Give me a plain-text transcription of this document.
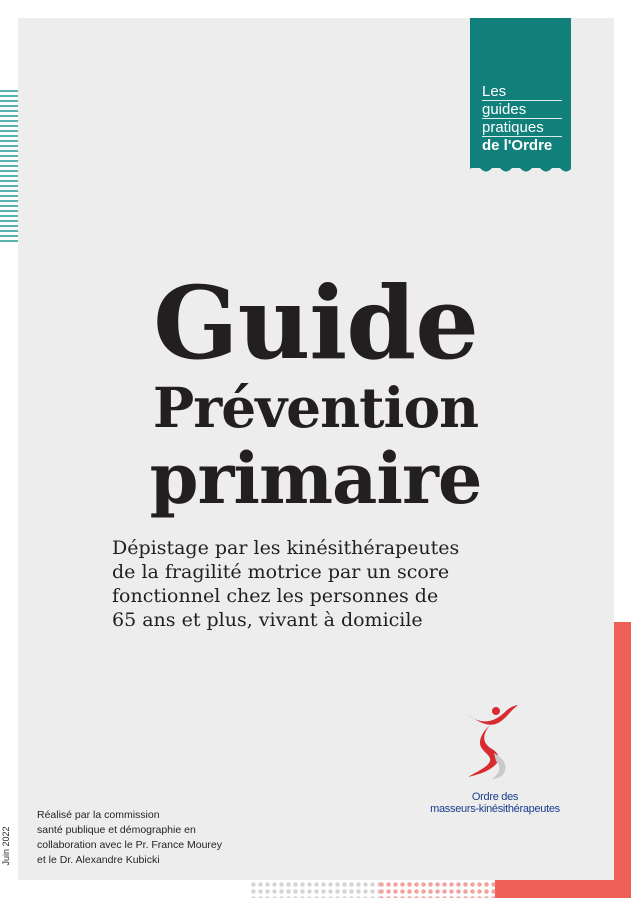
Les
guides
pratiques
de l'Ordre
Guide
Prévention
primaire

Dépistage par les kinésithérapeutes
de la fragilité motrice par un score
fonctionnel chez les personnes de
65 ans et plus, vivant à domicile

Ordre des
masseurs-kinésithérapeutes
Réalisé par la commission
santé publique et démographie en
collaboration avec le Pr. France Mourey
et le Dr. Alexandre Kubicki
Juin 2022
